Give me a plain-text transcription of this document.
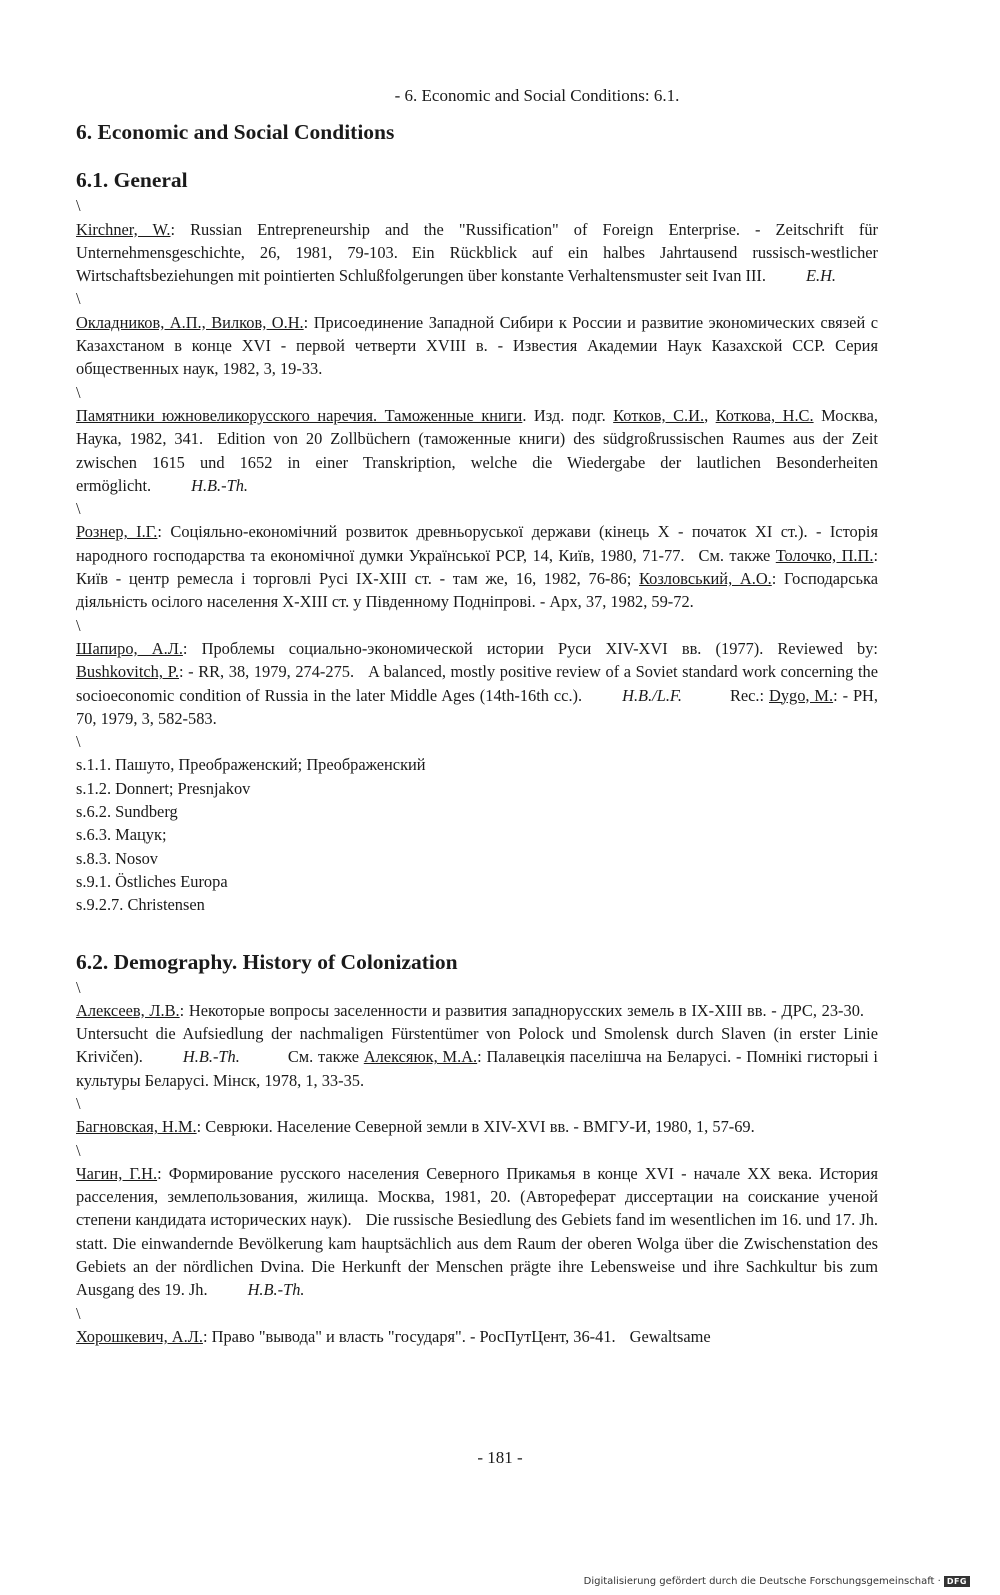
- 6. Economic and Social Conditions: 6.1.
6. Economic and Social Conditions
6.1. General
\

Kirchner, W.: Russian Entrepreneurship and the "Russification" of Foreign Enterprise. - Zeitschrift für Unternehmensgeschichte, 26, 1981, 79-103. Ein Rückblick auf ein halbes Jahrtausend russisch-westlicher Wirtschaftsbeziehungen mit pointierten Schlußfolgerungen über konstante Verhaltensmuster seit Ivan III. E.H.

\

Окладников, А.П., Вилков, О.Н.: Присоединение Западной Сибири к России и развитие экономических связей с Казахстаном в конце XVI - первой четверти XVIII в. - Известия Академии Наук Казахской ССР. Серия общественных наук, 1982, 3, 19-33.

\

Памятники южновеликорусского наречия. Таможенные книги. Изд. подг. Котков, С.И., Коткова, Н.С. Москва, Наука, 1982, 341. Edition von 20 Zollbüchern (таможенные книги) des südgroßrussischen Raumes aus der Zeit zwischen 1615 und 1652 in einer Transkription, welche die Wiedergabe der lautlichen Besonderheiten ermöglicht. H.B.-Th.

\

Рознер, І.Г.: Соціяльно-економічний розвиток древньоруської держави (кінець X - початок XI ст.). - Історія народного господарства та економічної думки Української РСР, 14, Київ, 1980, 71-77. См. также Толочко, П.П.: Київ - центр ремесла і торговлі Русі IX-XIII ст. - там же, 16, 1982, 76-86; Козловський, А.О.: Господарська діяльність осілого населення X-XIII ст. у Південному Подніпрові. - Арх, 37, 1982, 59-72.

\

Шапиро, А.Л.: Проблемы социально-экономической истории Руси XIV-XVI вв. (1977). Reviewed by: Bushkovitch, P.: - RR, 38, 1979, 274-275. A balanced, mostly positive review of a Soviet standard work concerning the socioeconomic condition of Russia in the later Middle Ages (14th-16th cc.). H.B./L.F.	Rec.: Dygo, M.: - PH, 70, 1979, 3, 582-583.

\
s.1.1. Пашуто, Преображенский; Преображенский
s.1.2. Donnert; Presnjakov
s.6.2. Sundberg
s.6.3. Мацук;
s.8.3. Nosov
s.9.1. Östliches Europa
s.9.2.7. Christensen
6.2. Demography. History of Colonization
\

Алексеев, Л.В.: Некоторые вопросы заселенности и развития западнорусских земель в IX-XIII вв. - ДРС, 23-30.Untersucht die Aufsiedlung der nachmaligen Fürstentümer von Polock und Smolensk durch Slaven (in erster Linie Krivičen). H.B.-Th.	См. также Алексяюк, М.А.: Палавецкія паселішча на Беларусі. - Помнікі гисторыі і культуры Беларусі. Мінск, 1978, 1, 33-35.

\

Багновская, Н.М.: Севрюки. Население Северной земли в XIV-XVI вв. - ВМГУ-И, 1980, 1, 57-69.

\

Чагин, Г.Н.: Формирование русского населения Северного Прикамья в конце XVI - начале XX века. История расселения, землепользования, жилища. Москва, 1981, 20. (Автореферат диссертации на соискание ученой степени кандидата исторических наук). Die russische Besiedlung des Gebiets fand im wesentlichen im 16. und 17. Jh. statt. Die einwandernde Bevölkerung kam hauptsächlich aus dem Raum der oberen Wolga über die Zwischenstation des Gebiets an der nördlichen Dvina. Die Herkunft der Menschen prägte ihre Lebensweise und ihre Sachkultur bis zum Ausgang des 19. Jh. H.B.-Th.

\

Хорошкевич, А.Л.: Право "вывода" и власть "государя". - РосПутЦент, 36-41. Gewaltsame

- 181 -
Digitalisierung gefördert durch die Deutsche Forschungsgemeinschaft · DFG
